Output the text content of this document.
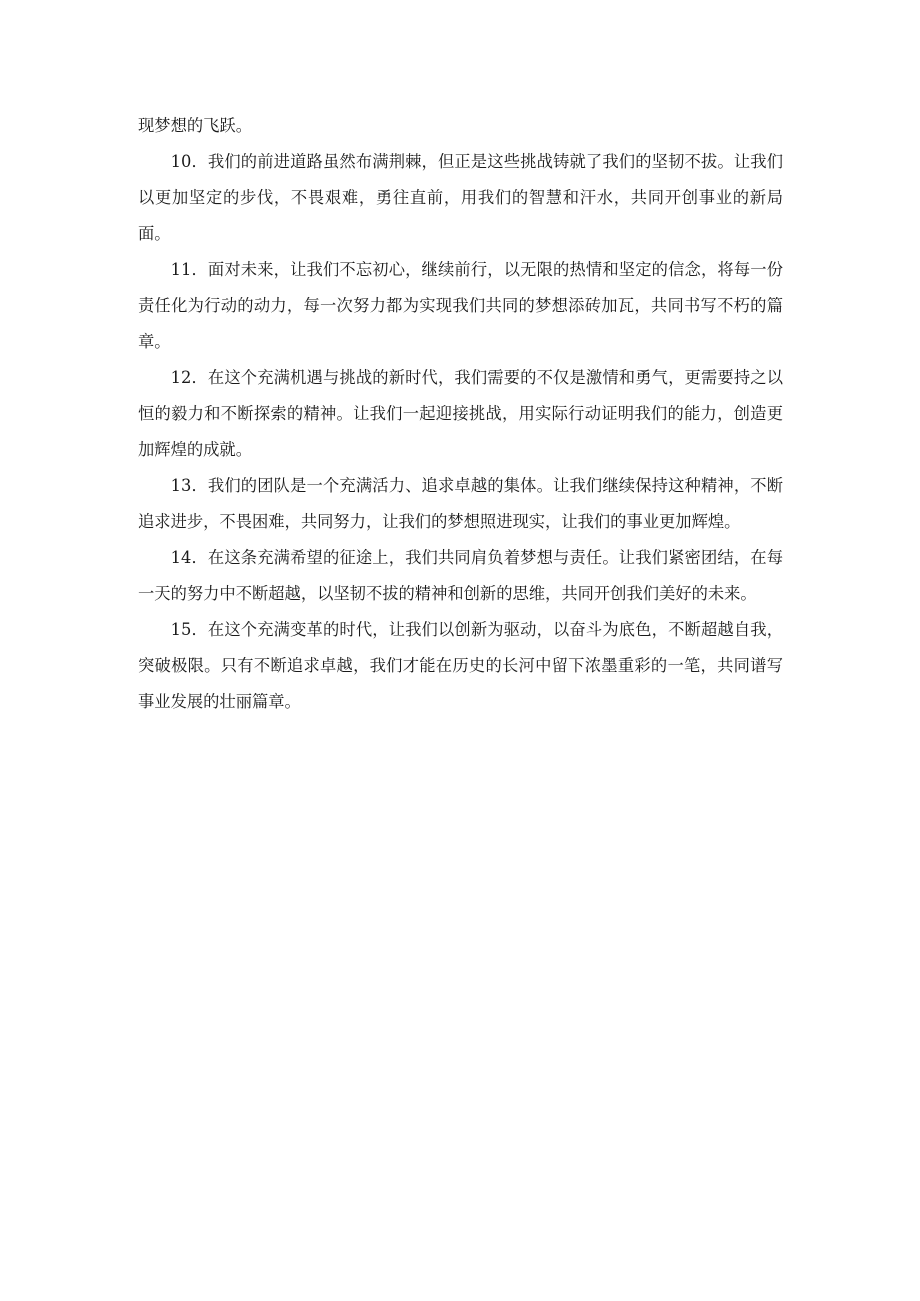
现梦想的飞跃。

10．我们的前进道路虽然布满荆棘，但正是这些挑战铸就了我们的坚韧不拔。让我们以更加坚定的步伐，不畏艰难，勇往直前，用我们的智慧和汗水，共同开创事业的新局面。

11．面对未来，让我们不忘初心，继续前行，以无限的热情和坚定的信念，将每一份责任化为行动的动力，每一次努力都为实现我们共同的梦想添砖加瓦，共同书写不朽的篇章。

12．在这个充满机遇与挑战的新时代，我们需要的不仅是激情和勇气，更需要持之以恒的毅力和不断探索的精神。让我们一起迎接挑战，用实际行动证明我们的能力，创造更加辉煌的成就。

13．我们的团队是一个充满活力、追求卓越的集体。让我们继续保持这种精神，不断追求进步，不畏困难，共同努力，让我们的梦想照进现实，让我们的事业更加辉煌。

14．在这条充满希望的征途上，我们共同肩负着梦想与责任。让我们紧密团结，在每一天的努力中不断超越，以坚韧不拔的精神和创新的思维，共同开创我们美好的未来。

15．在这个充满变革的时代，让我们以创新为驱动，以奋斗为底色，不断超越自我，突破极限。只有不断追求卓越，我们才能在历史的长河中留下浓墨重彩的一笔，共同谱写事业发展的壮丽篇章。
